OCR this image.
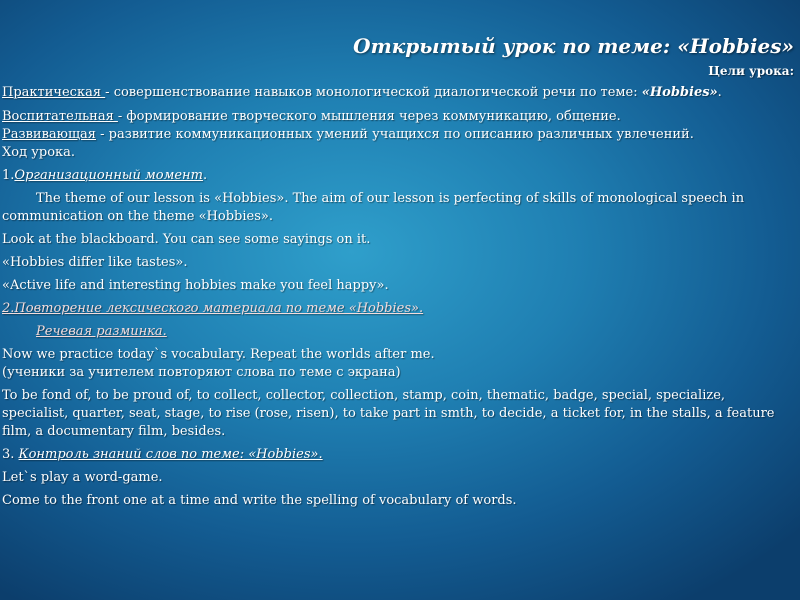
Открытый урок по теме: «Hobbies»
Цели урока:

Практическая - совершенствование навыков монологической диалогической речи по теме: «Hobbies».

Воспитательная - формирование творческого мышления через коммуникацию, общение.

Развивающая - развитие коммуникационных умений учащихся по описанию различных увлечений.

Ход урока.

1.Организационный момент.

The theme of our lesson is «Hobbies». The aim of our lesson is perfecting of skills of monological speech in communication on the theme «Hobbies».

Look at the blackboard. You can see some sayings on it.

«Hobbies differ like tastes».

«Active life and interesting hobbies make you feel happy».

2.Повторение лексического материала по теме «Hobbies».

Речевая разминка.

Now we practice today`s vocabulary. Repeat the worlds after me.

(ученики за учителем повторяют слова по теме с экрана)

To be fond of, to be proud of, to collect, collector, collection, stamp, coin, thematic, badge, special, specialize, specialist, quarter, seat, stage, to rise (rose, risen), to take part in smth, to decide, a ticket for, in the stalls, a feature film, a documentary film, besides.

3. Контроль знаний слов по теме: «Hobbies».

Let`s play a word-game.

Come to the front one at a time and write the spelling of vocabulary of words.
